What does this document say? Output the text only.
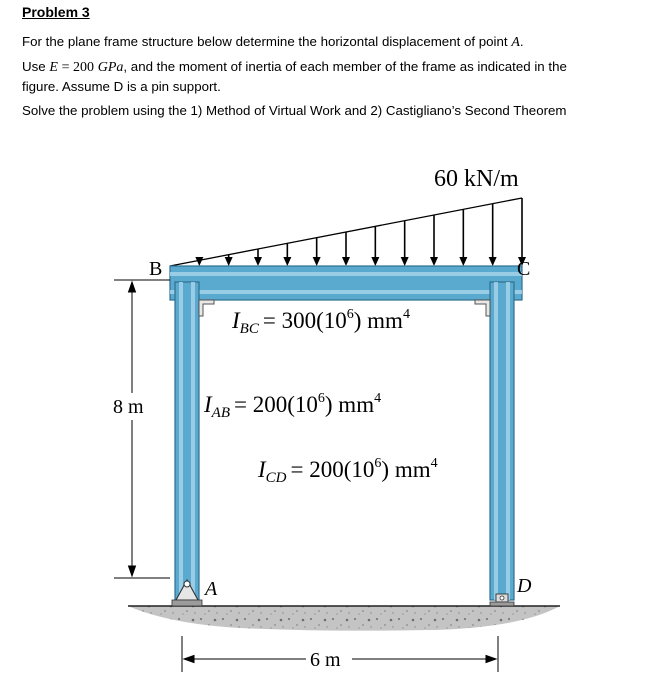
Problem 3

For the plane frame structure below determine the horizontal displacement of point A.

Use E = 200 GPa, and the moment of inertia of each member of the frame as indicated in the

figure. Assume D is a pin support.

Solve the problem using the 1) Method of Virtual Work and 2) Castigliano’s Second Theorem

60 kN/m
B	C
A	D
8 m
6 m
$I_{BC} = 300(10^6)$ $mm^4$
$I_{AB} = 200(10^6)$ $mm^4$
$I_{CD} = 200(10^6)$ $mm^4$
